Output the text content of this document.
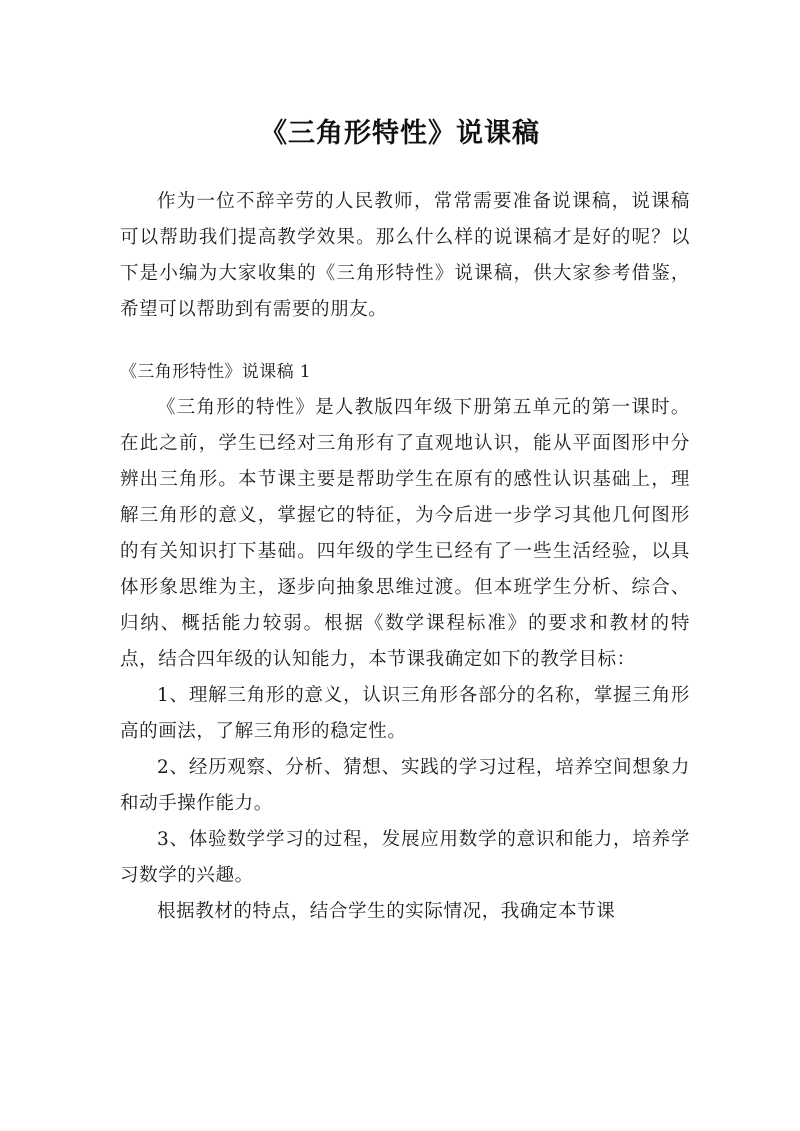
《三角形特性》说课稿

作为一位不辞辛劳的人民教师，常常需要准备说课稿，说课稿可以帮助我们提高教学效果。那么什么样的说课稿才是好的呢？以下是小编为大家收集的《三角形特性》说课稿，供大家参考借鉴，希望可以帮助到有需要的朋友。

《三角形特性》说课稿 1

《三角形的特性》是人教版四年级下册第五单元的第一课时。在此之前，学生已经对三角形有了直观地认识，能从平面图形中分辨出三角形。本节课主要是帮助学生在原有的感性认识基础上，理解三角形的意义，掌握它的特征，为今后进一步学习其他几何图形的有关知识打下基础。四年级的学生已经有了一些生活经验，以具体形象思维为主，逐步向抽象思维过渡。但本班学生分析、综合、归纳、概括能力较弱。根据《数学课程标准》的要求和教材的特点，结合四年级的认知能力，本节课我确定如下的教学目标：

1、理解三角形的意义，认识三角形各部分的名称，掌握三角形高的画法，了解三角形的稳定性。

2、经历观察、分析、猜想、实践的学习过程，培养空间想象力和动手操作能力。

3、体验数学学习的过程，发展应用数学的意识和能力，培养学习数学的兴趣。

根据教材的特点，结合学生的实际情况，我确定本节课
